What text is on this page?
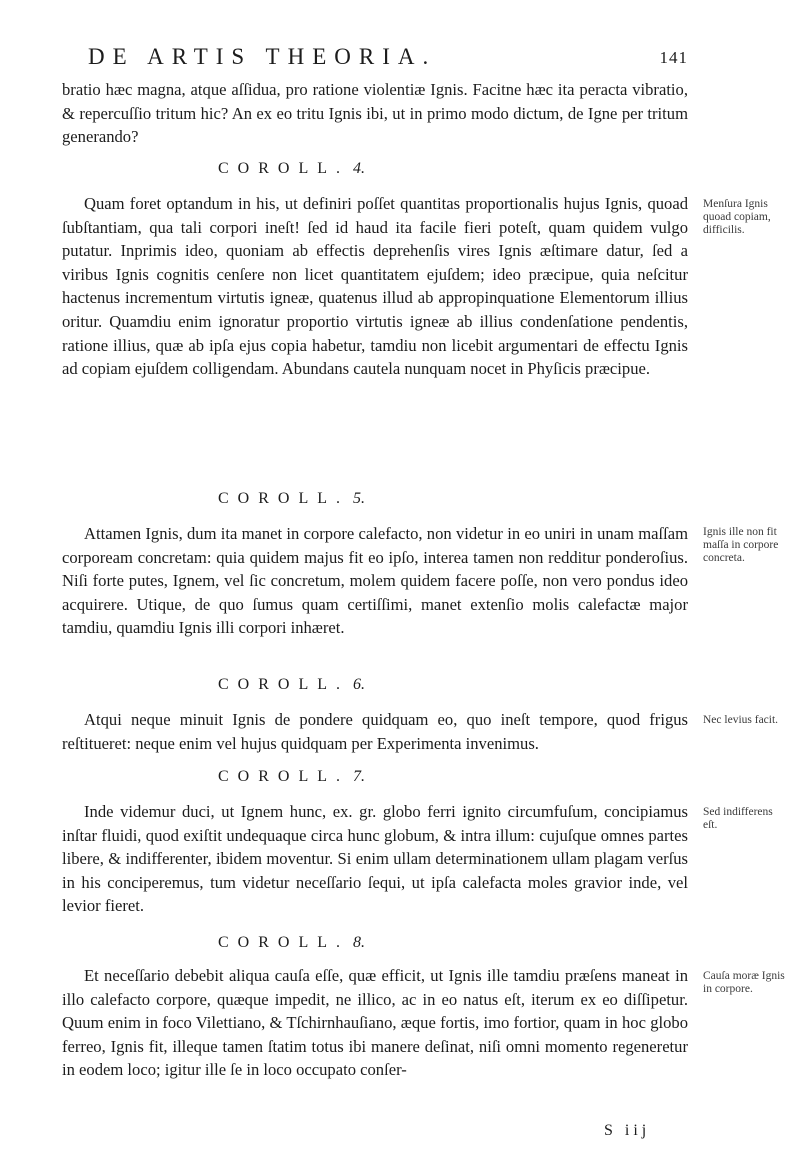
DE ARTIS THEORIA.	141
bratio hæc magna, atque aſſidua, pro ratione violentiæ Ignis. Facitne hæc ita peracta vibratio, & repercuſſio tritum hic? An ex eo tritu Ignis ibi, ut in primo modo dictum, de Igne per tritum generando?
COROLL. 4.
Quam foret optandum in his, ut definiri poſſet quantitas proportionalis hujus Ignis, quoad ſubſtantiam, qua tali corpori ineſt! ſed id haud ita facile fieri poteſt, quam quidem vulgo putatur. Inprimis ideo, quoniam ab effectis deprehenſis vires Ignis æſtimare datur, ſed a viribus Ignis cognitis cenſere non licet quantitatem ejuſdem; ideo præcipue, quia neſcitur hactenus incrementum virtutis igneæ, quatenus illud ab appropinquatione Elementorum illius oritur. Quamdiu enim ignoratur proportio virtutis igneæ ab illius condenſatione pendentis, ratione illius, quæ ab ipſa ejus copia habetur, tamdiu non licebit argumentari de effectu Ignis ad copiam ejuſdem colligendam. Abundans cautela nunquam nocet in Phyſicis præcipue.
Menſura Ignis quoad copiam, difficilis.
COROLL. 5.
Attamen Ignis, dum ita manet in corpore calefacto, non videtur in eo uniri in unam maſſam corpoream concretam: quia quidem majus fit eo ipſo, interea tamen non redditur ponderoſius. Niſi forte putes, Ignem, vel ſic concretum, molem quidem facere poſſe, non vero pondus ideo acquirere. Utique, de quo ſumus quam certiſſimi, manet extenſio molis calefactæ major tamdiu, quamdiu Ignis illi corpori inhæret.
Ignis ille non fit maſſa in corpore concreta.
COROLL. 6.
Atqui neque minuit Ignis de pondere quidquam eo, quo ineſt tempore, quod frigus reſtitueret: neque enim vel hujus quidquam per Experimenta invenimus.
Nec levius facit.
COROLL. 7.
Inde videmur duci, ut Ignem hunc, ex. gr. globo ferri ignito circumfuſum, concipiamus inſtar fluidi, quod exiſtit undequaque circa hunc globum, & intra illum: cujuſque omnes partes libere, & indifferenter, ibidem moventur. Si enim ullam determinationem ullam plagam verſus in his conciperemus, tum videtur neceſſario ſequi, ut ipſa calefacta moles gravior inde, vel levior fieret.
Sed indifferens eſt.
COROLL. 8.
Et neceſſario debebit aliqua cauſa eſſe, quæ efficit, ut Ignis ille tamdiu præſens maneat in illo calefacto corpore, quæque impedit, ne illico, ac in eo natus eſt, iterum ex eo diſſipetur. Quum enim in foco Vilettiano, & Tſchirnhauſiano, æque fortis, imo fortior, quam in hoc globo ferreo, Ignis fit, illeque tamen ſtatim totus ibi manere deſinat, niſi omni momento regeneretur in eodem loco; igitur ille ſe in loco occupato conſer-
Cauſa moræ Ignis in corpore.
S iij
